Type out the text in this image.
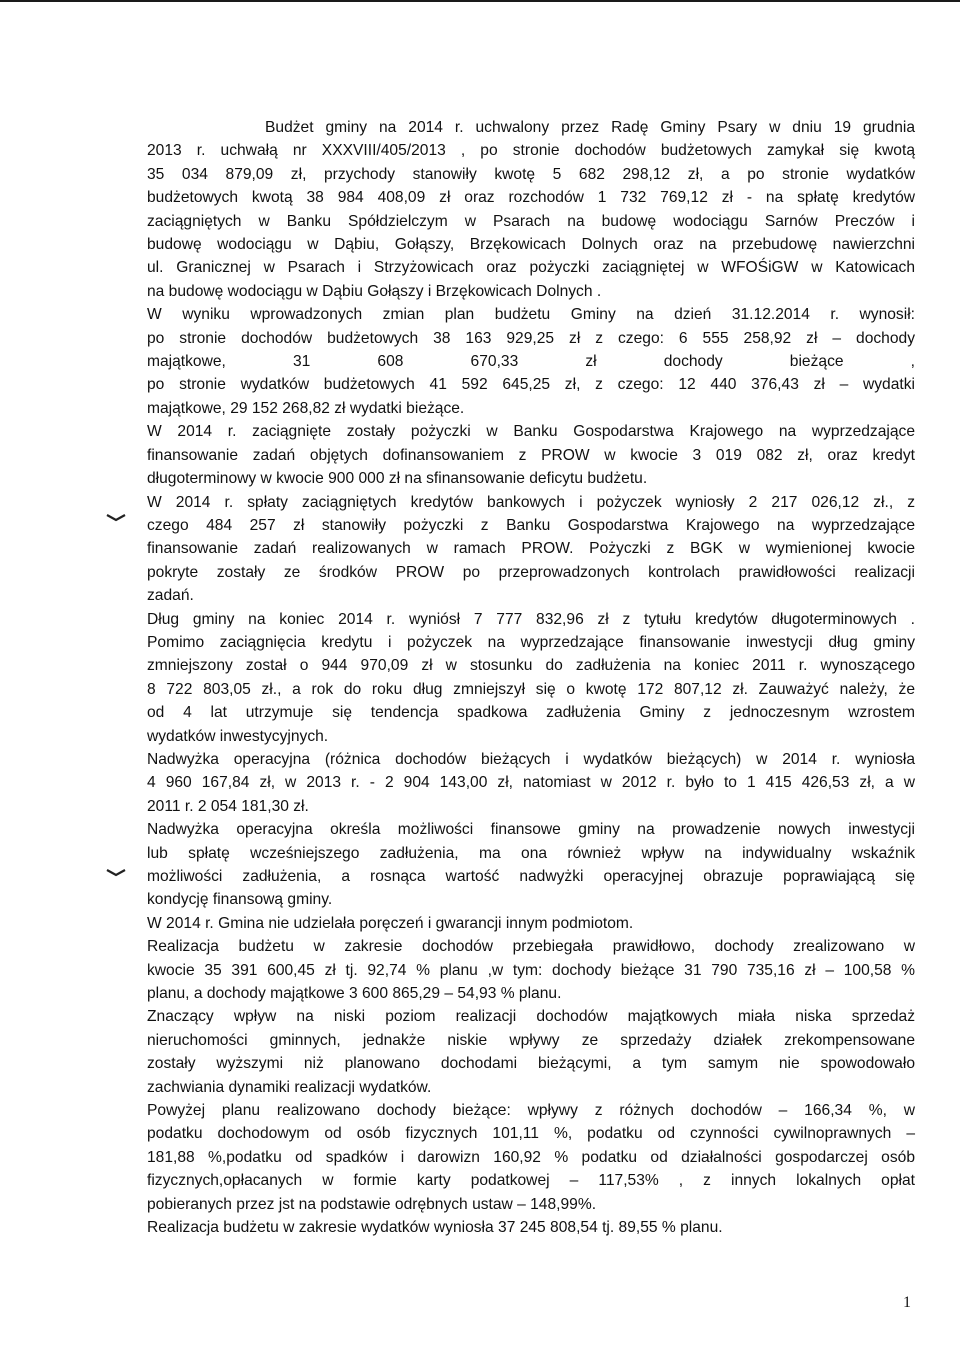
Budżet gminy na 2014 r. uchwalony przez Radę Gminy Psary w dniu 19 grudnia
2013 r. uchwałą nr XXXVIII/405/2013 , po stronie dochodów budżetowych zamykał się kwotą
35 034 879,09 zł, przychody stanowiły kwotę 5 682 298,12 zł, a po stronie wydatków
budżetowych kwotą 38 984 408,09 zł oraz rozchodów 1 732 769,12 zł - na spłatę kredytów
zaciągniętych w Banku Spółdzielczym w Psarach na budowę wodociągu Sarnów Preczów i
budowę wodociągu w Dąbiu, Gołąszy, Brzękowicach Dolnych oraz na przebudowę nawierzchni
ul. Granicznej w Psarach i Strzyżowicach oraz pożyczki zaciągniętej w WFOŚiGW w Katowicach
na budowę wodociągu w Dąbiu Gołąszy i Brzękowicach Dolnych .
W wyniku wprowadzonych zmian plan budżetu Gminy na dzień 31.12.2014 r. wynosił:
po stronie dochodów budżetowych 38 163 929,25 zł z czego: 6 555 258,92 zł – dochody
majątkowe, 31 608 670,33 zł dochody bieżące ,
po stronie wydatków budżetowych 41 592 645,25 zł, z czego: 12 440 376,43 zł – wydatki
majątkowe, 29 152 268,82 zł wydatki bieżące.
W 2014 r. zaciągnięte zostały pożyczki w Banku Gospodarstwa Krajowego na wyprzedzające
finansowanie zadań objętych dofinansowaniem z PROW w kwocie 3 019 082 zł, oraz kredyt
długoterminowy w kwocie 900 000 zł na sfinansowanie deficytu budżetu.
W 2014 r. spłaty zaciągniętych kredytów bankowych i pożyczek wyniosły 2 217 026,12 zł., z
czego 484 257 zł stanowiły pożyczki z Banku Gospodarstwa Krajowego na wyprzedzające
finansowanie zadań realizowanych w ramach PROW. Pożyczki z BGK w wymienionej kwocie
pokryte zostały ze środków PROW po przeprowadzonych kontrolach prawidłowości realizacji
zadań.
Dług gminy na koniec 2014 r. wyniósł 7 777 832,96 zł z tytułu kredytów długoterminowych .
Pomimo zaciągnięcia kredytu i pożyczek na wyprzedzające finansowanie inwestycji dług gminy
zmniejszony został o 944 970,09 zł w stosunku do zadłużenia na koniec 2011 r. wynoszącego
8 722 803,05 zł., a rok do roku dług zmniejszył się o kwotę 172 807,12 zł. Zauważyć należy, że
od 4 lat utrzymuje się tendencja spadkowa zadłużenia Gminy z jednoczesnym wzrostem
wydatków inwestycyjnych.
Nadwyżka operacyjna (różnica dochodów bieżących i wydatków bieżących) w 2014 r. wyniosła
4 960 167,84 zł, w 2013 r. - 2 904 143,00 zł, natomiast w 2012 r. było to 1 415 426,53 zł, a w
2011 r. 2 054 181,30 zł.
Nadwyżka operacyjna określa możliwości finansowe gminy na prowadzenie nowych inwestycji
lub spłatę wcześniejszego zadłużenia, ma ona również wpływ na indywidualny wskaźnik
możliwości zadłużenia, a rosnąca wartość nadwyżki operacyjnej obrazuje poprawiającą się
kondycję finansową gminy.
W 2014 r. Gmina nie udzielała poręczeń i gwarancji innym podmiotom.
Realizacja budżetu w zakresie dochodów przebiegała prawidłowo, dochody zrealizowano w
kwocie 35 391 600,45 zł tj. 92,74 % planu ,w tym: dochody bieżące 31 790 735,16 zł – 100,58 %
planu, a dochody majątkowe 3 600 865,29 – 54,93 % planu.
Znaczący wpływ na niski poziom realizacji dochodów majątkowych miała niska sprzedaż
nieruchomości gminnych, jednakże niskie wpływy ze sprzedaży działek zrekompensowane
zostały wyższymi niż planowano dochodami bieżącymi, a tym samym nie spowodowało
zachwiania dynamiki realizacji wydatków.
Powyżej planu realizowano dochody bieżące: wpływy z różnych dochodów – 166,34 %, w
podatku dochodowym od osób fizycznych 101,11 %, podatku od czynności cywilnoprawnych –
181,88 %,podatku od spadków i darowizn 160,92 % podatku od działalności gospodarczej osób
fizycznych,opłacanych w formie karty podatkowej – 117,53% , z innych lokalnych opłat
pobieranych przez jst na podstawie odrębnych ustaw – 148,99%.
Realizacja budżetu w zakresie wydatków wyniosła 37 245 808,54 tj. 89,55 % planu.
1
